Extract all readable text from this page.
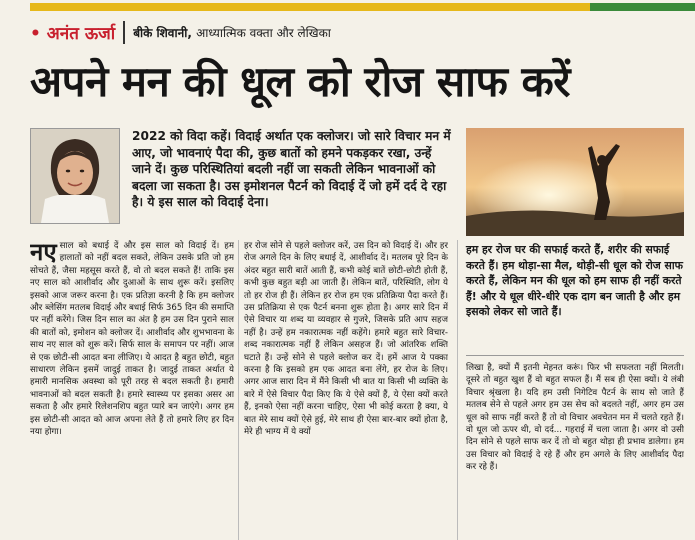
• अनंत ऊर्जा	बीके शिवानी, आध्यात्मिक वक्ता और लेखिका
अपने मन की धूल को रोज साफ करें
2022 को विदा कहें। विदाई अर्थात एक क्लोजर। जो सारे विचार मन में आए, जो भावनाएं पैदा की, कुछ बातों को हमने पकड़कर रखा, उन्हें जाने दें। कुछ परिस्थितियां बदली नहीं जा सकती लेकिन भावनाओं को बदला जा सकता है। उस इमोशनल पैटर्न को विदाई दें जो हमें दर्द दे रहा है। ये इस साल को विदाई देना।
हम हर रोज घर की सफाई करते हैं, शरीर की सफाई करते हैं। हम थोड़ा-सा मैल, थोड़ी-सी धूल को रोज साफ करते हैं, लेकिन मन की धूल को हम साफ ही नहीं करते हैं! और ये धूल धीरे-धीरे एक दाग बन जाती है और हम इसको लेकर सो जाते हैं।
नए साल को बधाई दें और इस साल को विदाई दें। हम हालातों को नहीं बदल सकते, लेकिन उसके प्रति जो हम सोचते हैं, जैसा महसूस करते हैं, वो तो बदल सकते हैं! ताकि इस नए साल को आशीर्वाद और दुआओं के साथ शुरू करें। इसलिए इसको आज जरूर करना है। एक प्रतिज्ञा करनी है कि हम क्लोजर और ब्लेसिंग मतलब विदाई और बधाई सिर्फ 365 दिन की समाप्ति पर नहीं करेंगे। जिस दिन साल का अंत है हम उस दिन पुराने साल की बातों को, इमोशन को क्लोजर दें। आशीर्वाद और शुभभावना के साथ नए साल को शुरू करें। सिर्फ साल के समापन पर नहीं। आज से एक छोटी-सी आदत बना लीजिए। ये आदत है बहुत छोटी, बहुत साधारण लेकिन इसमें जादुई ताकत है। जादुई ताकत अर्थात ये हमारी मानसिक अवस्था को पूरी तरह से बदल सकती है। हमारी भावनाओं को बदल सकती है। हमारे स्वास्थ्य पर इसका असर आ सकता है और हमारे रिलेशनशिप बहुत प्यारे बन जाएंगे। अगर हम इस छोटी-सी आदत को आज अपना लेते हैं तो हमारे लिए हर दिन नया होगा।

हर रोज सोने से पहले क्लोजर करें, उस दिन को विदाई दें। और हर रोज अगले दिन के लिए बधाई दें, आशीर्वाद दें। मतलब पूरे दिन के अंदर बहुत सारी बातें आती हैं, कभी कोई बातें छोटी-छोटी होती हैं, कभी कुछ बहुत बड़ी आ जाती हैं। लेकिन बातें, परिस्थिति, लोग ये तो हर रोज ही हैं। लेकिन हर रोज हम एक प्रतिक्रिया पैदा करते हैं। उस प्रतिक्रिया से एक पैटर्न बनना शुरू होता है। अगर सारे दिन में ऐसे विचार या शब्द या व्यवहार से गुजरे, जिसके प्रति आप सहज नहीं है। उन्हें हम नकारात्मक नहीं कहेंगे। हमारे बहुत सारे विचार-शब्द नकारात्मक नहीं हैं लेकिन असहज हैं। जो आंतरिक शक्ति घटाते हैं। उन्हें सोने से पहले क्लोज कर दें। हमें आज ये पक्का करना है कि इसको हम एक आदत बना लेंगे, हर रोज के लिए। अगर आज सारा दिन में मैंने किसी भी बात या किसी भी व्यक्ति के बारे में ऐसे विचार पैदा किए कि ये ऐसे क्यों हैं, ये ऐसा क्यों करते हैं, इनको ऐसा नहीं करना चाहिए, ऐसा भी कोई करता है क्या, ये बात मेरे साथ क्यों ऐसे हुई, मेरे साथ ही ऐसा बार-बार क्यों होता है, मेरे ही भाग्य में ये क्यों

लिखा है, क्यों मैं इतनी मेहनत करूं। फिर भी सफलता नहीं मिलती। दूसरे तो बहुत खुश हैं वो बहुत सफल हैं। मैं सब ही ऐसा क्यों। ये लंबी विचार श्रृंखला है। यदि हम उसी निगेटिव पैटर्न के साथ सो जाते हैं मतलब सेने से पहले अगर हम उस सेच को बदलते नहीं, अगर हम उस धूल को साफ नहीं करते हैं तो वो विचार अवचेतन मन में चलते रहते हैं। वो धूल जो ऊपर थी, वो दर्द... गहराई में चला जाता है। अगर वो उसी दिन सोने से पहले साफ कर दें तो वो बहुत थोड़ा ही प्रभाव डालेगा। हम उस विचार को विदाई दे रहे हैं और हम अगले के लिए आशीर्वाद पैदा कर रहे हैं।
